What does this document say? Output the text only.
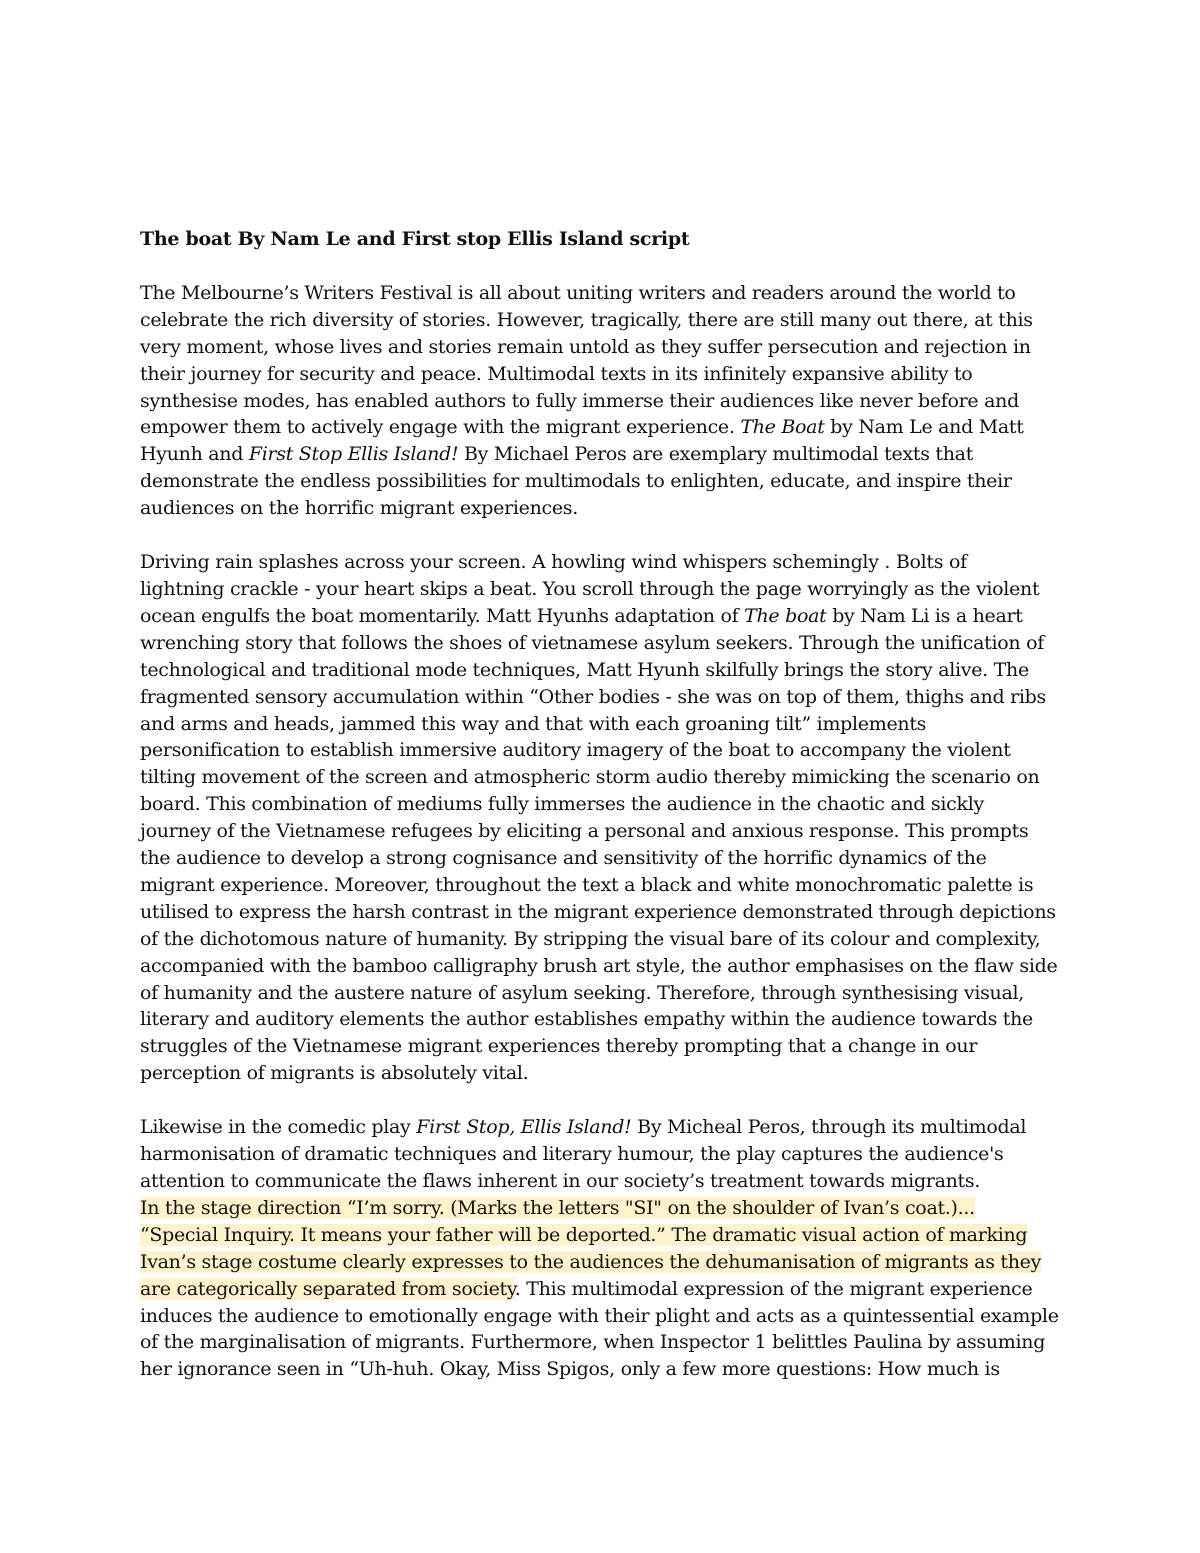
The boat By Nam Le and First stop Ellis Island script
The Melbourne’s Writers Festival is all about uniting writers and readers around the world to
celebrate the rich diversity of stories. However, tragically, there are still many out there, at this
very moment, whose lives and stories remain untold as they suffer persecution and rejection in
their journey for security and peace. Multimodal texts in its infinitely expansive ability to
synthesise modes, has enabled authors to fully immerse their audiences like never before and
empower them to actively engage with the migrant experience. The Boat by Nam Le and Matt
Hyunh and First Stop Ellis Island! By Michael Peros are exemplary multimodal texts that
demonstrate the endless possibilities for multimodals to enlighten, educate, and inspire their
audiences on the horrific migrant experiences.
Driving rain splashes across your screen. A howling wind whispers schemingly . Bolts of
lightning crackle - your heart skips a beat. You scroll through the page worryingly as the violent
ocean engulfs the boat momentarily. Matt Hyunhs adaptation of The boat by Nam Li is a heart
wrenching story that follows the shoes of vietnamese asylum seekers. Through the unification of
technological and traditional mode techniques, Matt Hyunh skilfully brings the story alive. The
fragmented sensory accumulation within “Other bodies - she was on top of them, thighs and ribs
and arms and heads, jammed this way and that with each groaning tilt” implements
personification to establish immersive auditory imagery of the boat to accompany the violent
tilting movement of the screen and atmospheric storm audio thereby mimicking the scenario on
board. This combination of mediums fully immerses the audience in the chaotic and sickly
journey of the Vietnamese refugees by eliciting a personal and anxious response. This prompts
the audience to develop a strong cognisance and sensitivity of the horrific dynamics of the
migrant experience. Moreover, throughout the text a black and white monochromatic palette is
utilised to express the harsh contrast in the migrant experience demonstrated through depictions
of the dichotomous nature of humanity. By stripping the visual bare of its colour and complexity,
accompanied with the bamboo calligraphy brush art style, the author emphasises on the flaw side
of humanity and the austere nature of asylum seeking. Therefore, through synthesising visual,
literary and auditory elements the author establishes empathy within the audience towards the
struggles of the Vietnamese migrant experiences thereby prompting that a change in our
perception of migrants is absolutely vital.
Likewise in the comedic play First Stop, Ellis Island! By Micheal Peros, through its multimodal
harmonisation of dramatic techniques and literary humour, the play captures the audience's
attention to communicate the flaws inherent in our society’s treatment towards migrants.
In the stage direction “I’m sorry. (Marks the letters "SI" on the shoulder of Ivan’s coat.)...
“Special Inquiry. It means your father will be deported.” The dramatic visual action of marking
Ivan’s stage costume clearly expresses to the audiences the dehumanisation of migrants as they
are categorically separated from society. This multimodal expression of the migrant experience
induces the audience to emotionally engage with their plight and acts as a quintessential example
of the marginalisation of migrants. Furthermore, when Inspector 1 belittles Paulina by assuming
her ignorance seen in “Uh-huh. Okay, Miss Spigos, only a few more questions: How much is
